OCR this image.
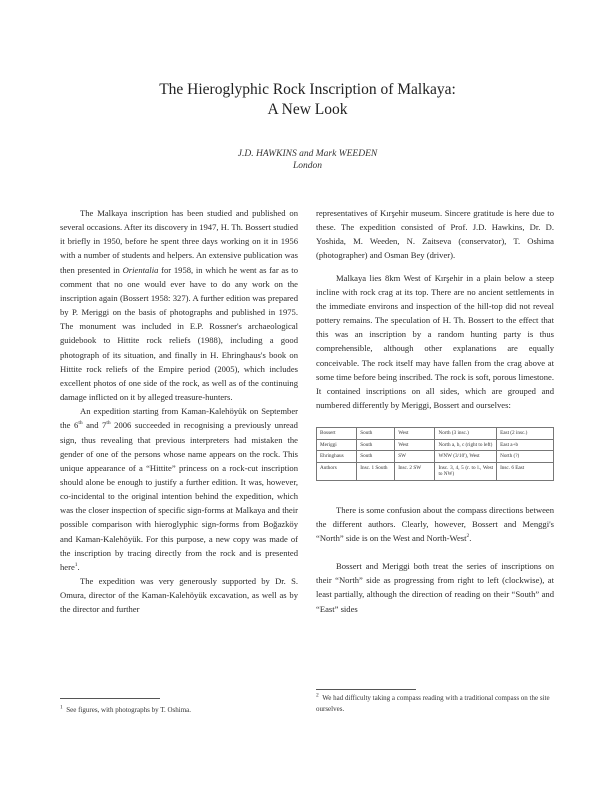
The Hieroglyphic Rock Inscription of Malkaya:
A New Look
J.D. HAWKINS and Mark WEEDEN
London

The Malkaya inscription has been studied and published on several occasions. After its discovery in 1947, H. Th. Bossert studied it briefly in 1950, before he spent three days working on it in 1956 with a number of students and helpers. An extensive publication was then presented in Orientalia for 1958, in which he went as far as to comment that no one would ever have to do any work on the inscription again (Bossert 1958: 327). A further edition was prepared by P. Meriggi on the basis of photographs and published in 1975. The monument was included in E.P. Rossner's archaeological guidebook to Hittite rock reliefs (1988), including a good photograph of its situation, and finally in H. Ehringhaus's book on Hittite rock reliefs of the Empire period (2005), which includes excellent photos of one side of the rock, as well as of the continuing damage inflicted on it by alleged treasure-hunters.

An expedition starting from Kaman-Kalehöyük on September the 6th and 7th 2006 succeeded in recognising a previously unread sign, thus revealing that previous interpreters had mistaken the gender of one of the persons whose name appears on the rock. This unique appearance of a “Hittite” princess on a rock-cut inscription should alone be enough to justify a further edition. It was, however, co-incidental to the original intention behind the expedition, which was the closer inspection of specific sign-forms at Malkaya and their possible comparison with hieroglyphic sign-forms from Boğazköy and Kaman-Kalehöyük. For this purpose, a new copy was made of the inscription by tracing directly from the rock and is presented here$^1$.

The expedition was very generously supported by Dr. S. Omura, director of the Kaman-Kalehöyük excavation, as well as by the director and further

$^1$ See figures, with photographs by T. Oshima.

representatives of Kırşehir museum. Sincere gratitude is here due to these. The expedition consisted of Prof. J.D. Hawkins, Dr. D. Yoshida, M. Weeden, N. Zaitseva (conservator), T. Oshima (photographer) and Osman Bey (driver).

Malkaya lies 8km West of Kırşehir in a plain below a steep incline with rock crag at its top. There are no ancient settlements in the immediate environs and inspection of the hill-top did not reveal pottery remains. The speculation of H. Th. Bossert to the effect that this was an inscription by a random hunting party is thus comprehensible, although other explanations are equally conceivable. The rock itself may have fallen from the crag above at some time before being inscribed. The rock is soft, porous limestone. It contained inscriptions on all sides, which are grouped and numbered differently by Meriggi, Bossert and ourselves:

Bossert	South	West	North (3 insc.)	East (2 insc.)
Meriggi	South	West	North a, b, c (right to left)	East a+b
Ehringhaus	South	SW	WNW (3/10'), West	North (?)
Authors	Insc. 1 South	Insc. 2 SW	Insc. 3, 4, 5 (r. to l., West to NW)	Insc. 6 East

There is some confusion about the compass directions between the different authors. Clearly, however, Bossert and Menggi's “North” side is on the West and North-West$^2$.

Bossert and Meriggi both treat the series of inscriptions on their “North” side as progressing from right to left (clockwise), at least partially, although the direction of reading on their “South” and “East” sides

$^2$ We had difficulty taking a compass reading with a traditional compass on the site ourselves.
